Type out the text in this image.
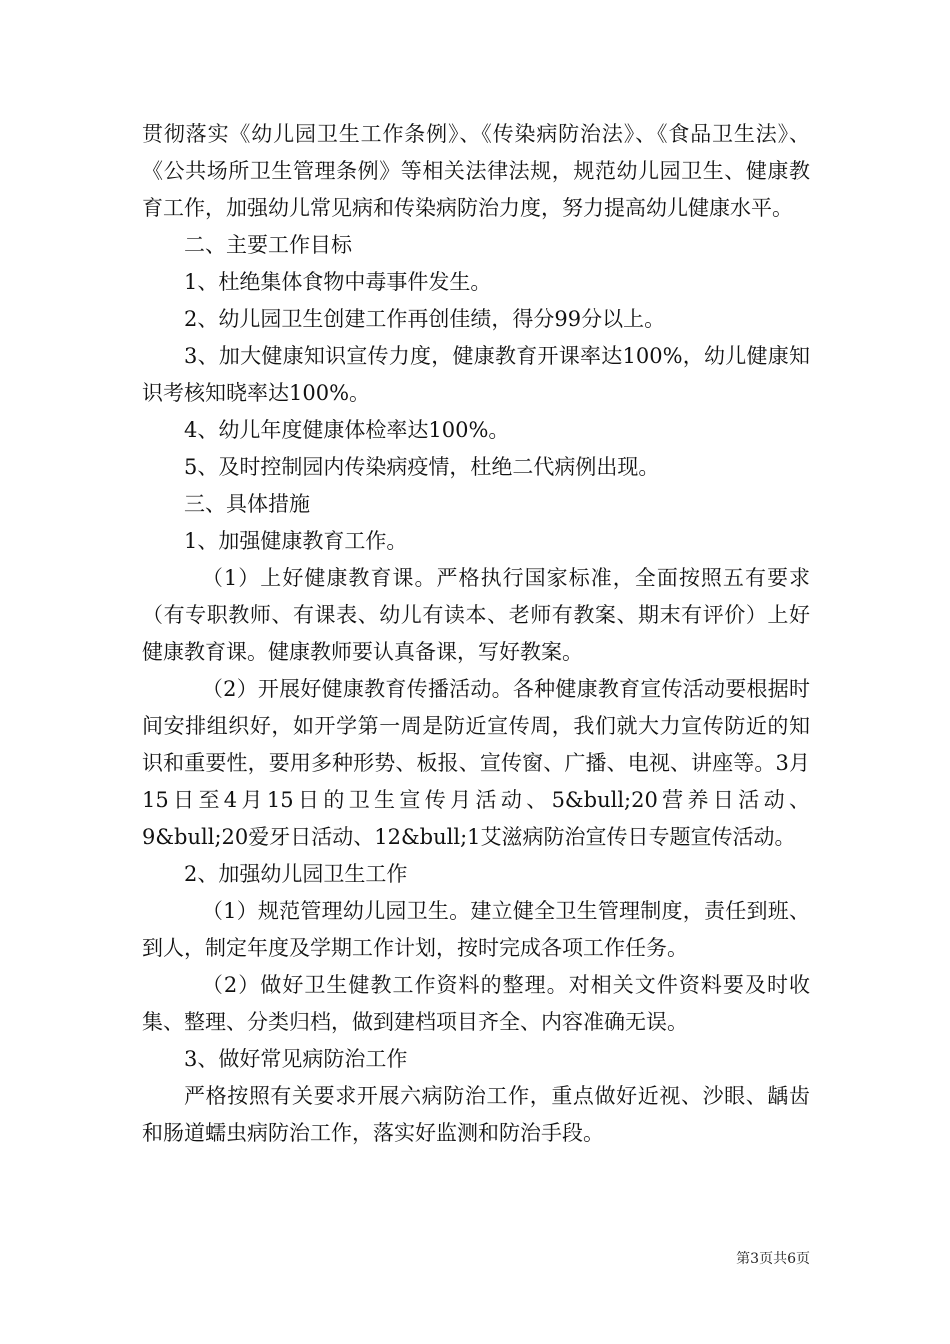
贯彻落实《幼儿园卫生工作条例》、《传染病防治法》、《食品卫生法》、《公共场所卫生管理条例》等相关法律法规，规范幼儿园卫生、健康教育工作，加强幼儿常见病和传染病防治力度，努力提高幼儿健康水平。

二、主要工作目标

1、杜绝集体食物中毒事件发生。

2、幼儿园卫生创建工作再创佳绩，得分99分以上。

3、加大健康知识宣传力度，健康教育开课率达100%，幼儿健康知识考核知晓率达100%。

4、幼儿年度健康体检率达100%。

5、及时控制园内传染病疫情，杜绝二代病例出现。

三、具体措施

1、加强健康教育工作。

（1）上好健康教育课。严格执行国家标准，全面按照五有要求（有专职教师、有课表、幼儿有读本、老师有教案、期末有评价）上好健康教育课。健康教师要认真备课，写好教案。

（2）开展好健康教育传播活动。各种健康教育宣传活动要根据时间安排组织好，如开学第一周是防近宣传周，我们就大力宣传防近的知识和重要性，要用多种形势、板报、宣传窗、广播、电视、讲座等。3月15日至4月15日的卫生宣传月活动、5&bull;20营养日活动、9&bull;20爱牙日活动、12&bull;1艾滋病防治宣传日专题宣传活动。

2、加强幼儿园卫生工作

（1）规范管理幼儿园卫生。建立健全卫生管理制度，责任到班、到人，制定年度及学期工作计划，按时完成各项工作任务。

（2）做好卫生健教工作资料的整理。对相关文件资料要及时收集、整理、分类归档，做到建档项目齐全、内容准确无误。

3、做好常见病防治工作

严格按照有关要求开展六病防治工作，重点做好近视、沙眼、龋齿和肠道蠕虫病防治工作，落实好监测和防治手段。

第3页共6页
